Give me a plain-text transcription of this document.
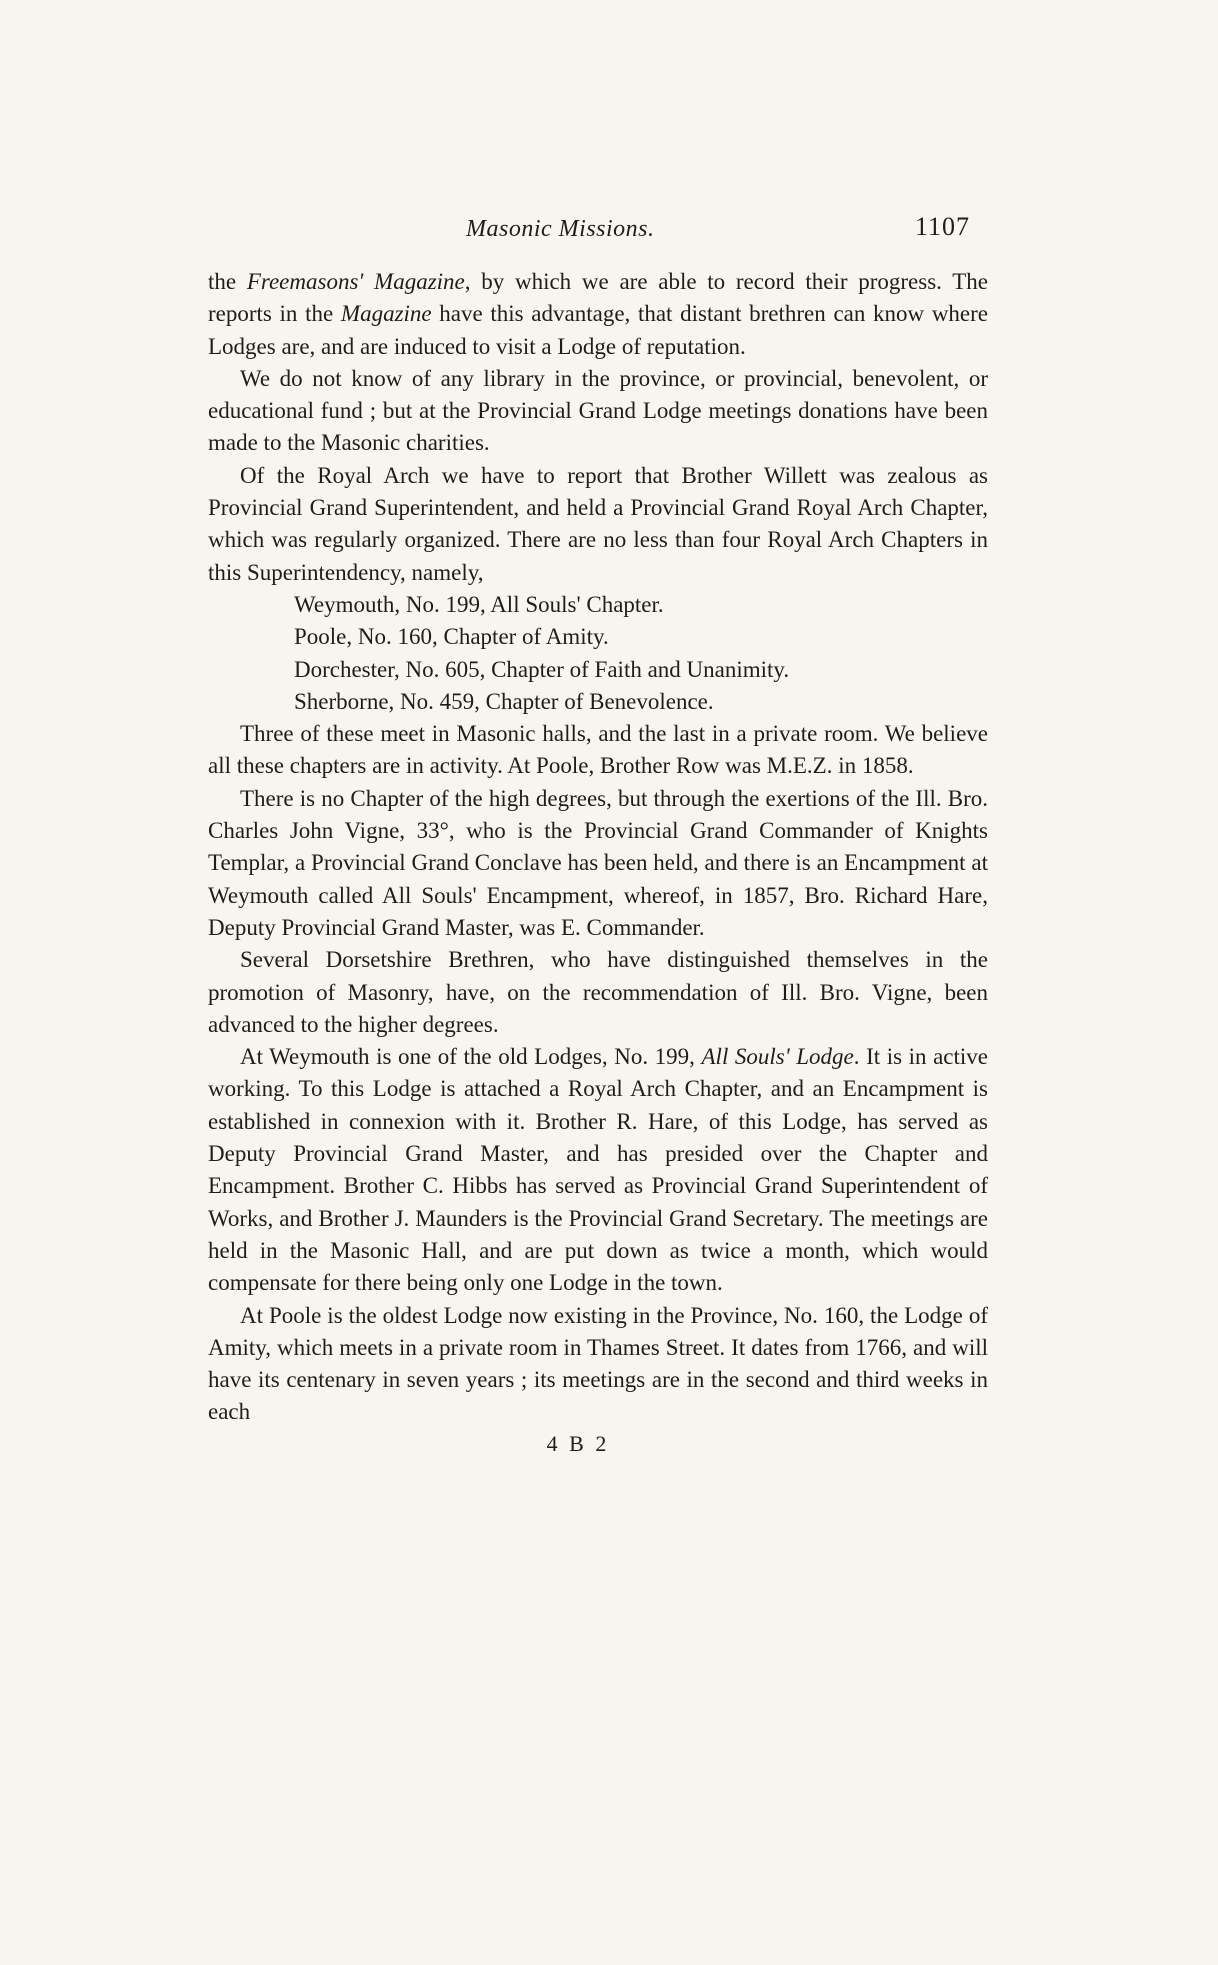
Masonic Missions.	1107

the Freemasons' Magazine, by which we are able to record their progress. The reports in the Magazine have this advantage, that distant brethren can know where Lodges are, and are induced to visit a Lodge of reputation.

We do not know of any library in the province, or provincial, benevolent, or educational fund ; but at the Provincial Grand Lodge meetings donations have been made to the Masonic charities.

Of the Royal Arch we have to report that Brother Willett was zealous as Provincial Grand Superintendent, and held a Provincial Grand Royal Arch Chapter, which was regularly organized. There are no less than four Royal Arch Chapters in this Superintendency, namely,

Weymouth, No. 199, All Souls' Chapter.
Poole, No. 160, Chapter of Amity.
Dorchester, No. 605, Chapter of Faith and Unanimity.
Sherborne, No. 459, Chapter of Benevolence.

Three of these meet in Masonic halls, and the last in a private room. We believe all these chapters are in activity. At Poole, Brother Row was M.E.Z. in 1858.

There is no Chapter of the high degrees, but through the exertions of the Ill. Bro. Charles John Vigne, 33°, who is the Provincial Grand Commander of Knights Templar, a Provincial Grand Conclave has been held, and there is an Encampment at Weymouth called All Souls' Encampment, whereof, in 1857, Bro. Richard Hare, Deputy Provincial Grand Master, was E. Commander.

Several Dorsetshire Brethren, who have distinguished themselves in the promotion of Masonry, have, on the recommendation of Ill. Bro. Vigne, been advanced to the higher degrees.

At Weymouth is one of the old Lodges, No. 199, All Souls' Lodge. It is in active working. To this Lodge is attached a Royal Arch Chapter, and an Encampment is established in connexion with it. Brother R. Hare, of this Lodge, has served as Deputy Provincial Grand Master, and has presided over the Chapter and Encampment. Brother C. Hibbs has served as Provincial Grand Superintendent of Works, and Brother J. Maunders is the Provincial Grand Secretary. The meetings are held in the Masonic Hall, and are put down as twice a month, which would compensate for there being only one Lodge in the town.

At Poole is the oldest Lodge now existing in the Province, No. 160, the Lodge of Amity, which meets in a private room in Thames Street. It dates from 1766, and will have its centenary in seven years ; its meetings are in the second and third weeks in each

4 B 2
